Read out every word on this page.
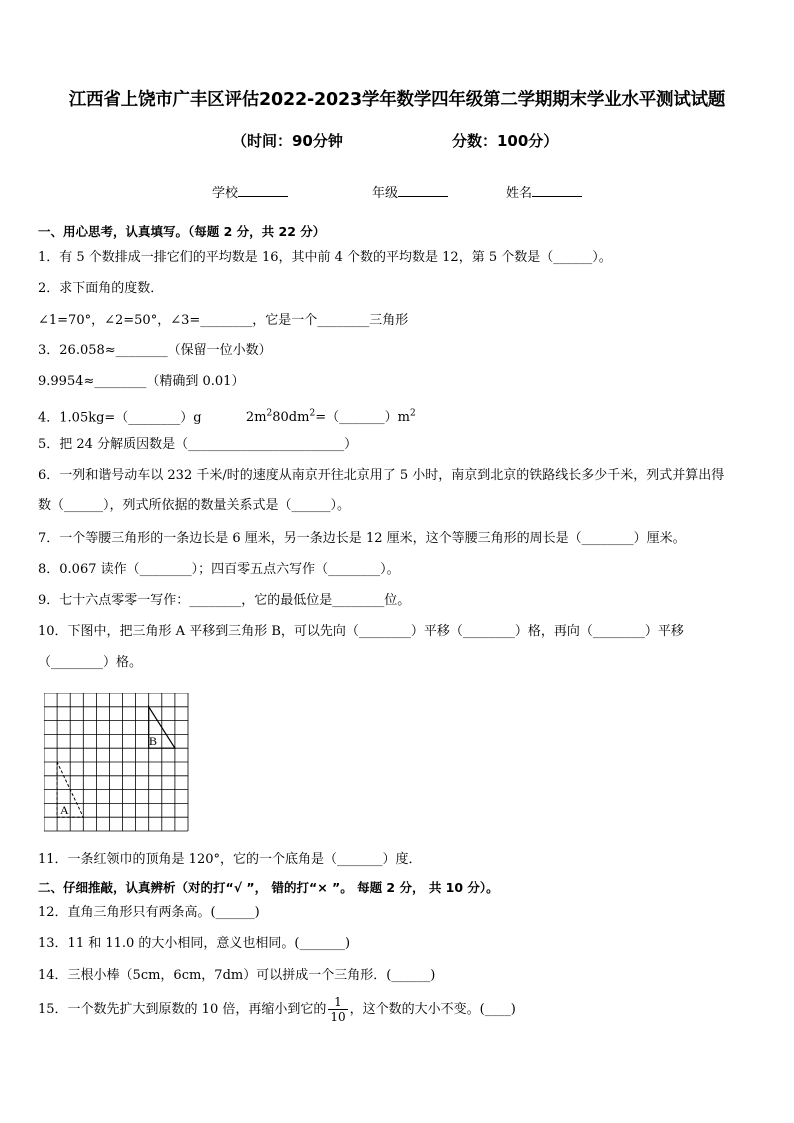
江西省上饶市广丰区评估2022-2023学年数学四年级第二学期期末学业水平测试试题
（时间：90分钟	分数：100分）
学校	年级	姓名
一、用心思考，认真填写。（每题 2 分，共 22 分）
1．有 5 个数排成一排它们的平均数是 16，其中前 4 个数的平均数是 12，第 5 个数是（______）。
2．求下面角的度数．
∠1=70°，∠2=50°，∠3=________，它是一个________三角形
3．26.058≈________（保留一位小数）
9.9954≈________（精确到 0.01）
4．1.05kg=（________）g	$2m^280dm^2=(\_\_\_\_\_\_\_)m^2$
5．把 24 分解质因数是（________________________）
6．一列和谐号动车以 232 千米/时的速度从南京开往北京用了 5 小时，南京到北京的铁路线长多少千米，列式并算出得
数（______），列式所依据的数量关系式是（______）。
7．一个等腰三角形的一条边长是 6 厘米，另一条边长是 12 厘米，这个等腰三角形的周长是（________）厘米。
8．0.067 读作（________）；四百零五点六写作（________）。
9．七十六点零零一写作：________，它的最低位是________位。
10．下图中，把三角形 A 平移到三角形 B，可以先向（________）平移（________）格，再向（________）平移
（________）格。
A
B
11．一条红领巾的顶角是 120°，它的一个底角是（_______）度．
二、仔细推敲，认真辨析（对的打“√ ”， 错的打“× ”。 每题 2 分， 共 10 分）。
12．直角三角形只有两条高。(______)
13．11 和 11.0 的大小相同，意义也相同。(_______)
14．三根小棒（5cm，6cm，7dm）可以拼成一个三角形．(______)
15．一个数先扩大到原数的 10 倍，再缩小到它的 $\frac{1}{10}$ ，这个数的大小不变。(____)
